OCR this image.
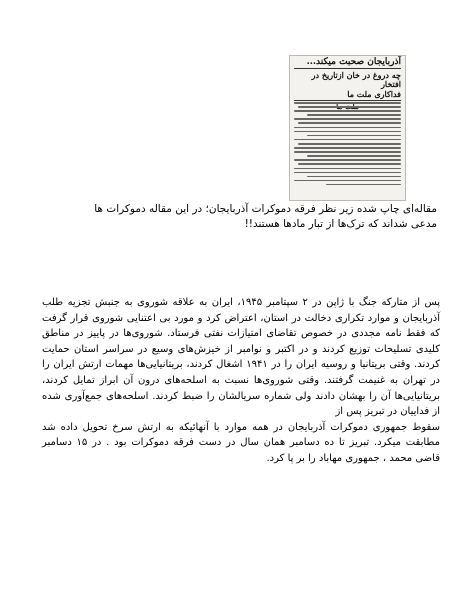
آذربایجان صحبت میکند...
چه دروغ در خان ازتاریخ در افتخار
فداکاری ملت ما
مقاله‌ای چاپ شده زیر نظر فرقه دموکرات آذربایجان؛ در این مقاله دموکرات ها مدعی شداند که ترک‌ها از تبار مادها هستند!!

پس از متارکه جنگ با ژاپن در ۲ سپتامبر ۱۹۴۵، ایران به علاقه شوروی به جنبش تجزیه طلب آذربایجان و موارد تکراری دخالت در استان، اعتراض کرد و مورد بی اعتنایی شوروی قرار گرفت که فقط نامه مجددی در خصوص تقاضای امتیازات نفتی فرستاد. شوروی‌ها در پاییز در مناطق کلیدی تسلیحات توزیع کردند و در اکتبر و نوامبر از خیزش‌های وسیع در سراسر استان حمایت کردند. وقتی بریتانیا و روسیه ایران را در ۱۹۴۱ اشغال کردند، بریتانیایی‌ها مهمات ارتش ایران را در تهران به غنیمت گرفتند. وقتی شوروی‌ها نسبت به اسلحه‌های درون آن ابراز تمایل کردند، بریتانیایی‌ها آن را بهشان دادند ولی شماره سریالشان را ضبط کردند. اسلحه‌های جمع‌آوری شده از فداییان در تبریز پس از

سقوط جمهوری دموکرات آذربایجان در همه موارد با آنهائیکه به ارتش سرخ تحویل داده شد مطابقت میکرد. تبریز تا ده دسامبر همان سال در دست فرقه دموکرات بود . در ۱۵ دسامبر قاضی محمد ، جمهوری مهاباد را بر پا کرد.
